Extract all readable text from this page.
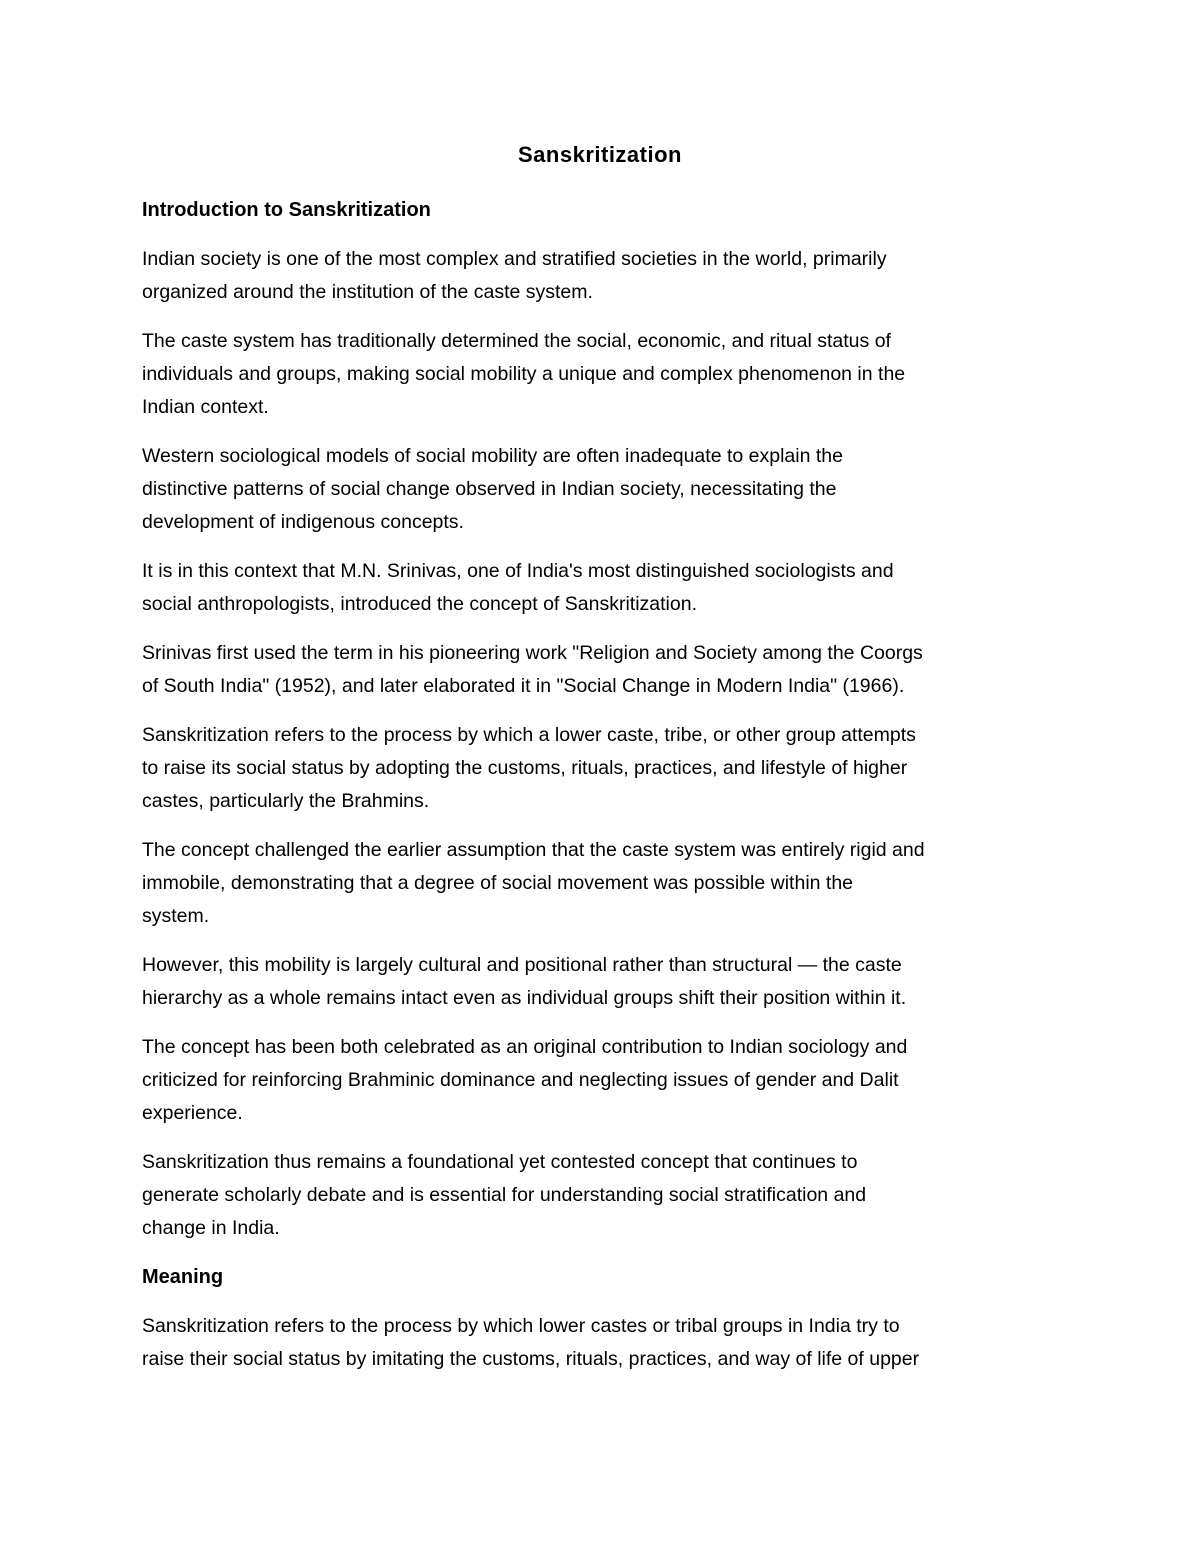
Sanskritization
Introduction to Sanskritization

Indian society is one of the most complex and stratified societies in the world, primarily
organized around the institution of the caste system.

The caste system has traditionally determined the social, economic, and ritual status of
individuals and groups, making social mobility a unique and complex phenomenon in the
Indian context.

Western sociological models of social mobility are often inadequate to explain the
distinctive patterns of social change observed in Indian society, necessitating the
development of indigenous concepts.

It is in this context that M.N. Srinivas, one of India's most distinguished sociologists and
social anthropologists, introduced the concept of Sanskritization.

Srinivas first used the term in his pioneering work "Religion and Society among the Coorgs
of South India" (1952), and later elaborated it in "Social Change in Modern India" (1966).

Sanskritization refers to the process by which a lower caste, tribe, or other group attempts
to raise its social status by adopting the customs, rituals, practices, and lifestyle of higher
castes, particularly the Brahmins.

The concept challenged the earlier assumption that the caste system was entirely rigid and
immobile, demonstrating that a degree of social movement was possible within the
system.

However, this mobility is largely cultural and positional rather than structural — the caste
hierarchy as a whole remains intact even as individual groups shift their position within it.

The concept has been both celebrated as an original contribution to Indian sociology and
criticized for reinforcing Brahminic dominance and neglecting issues of gender and Dalit
experience.

Sanskritization thus remains a foundational yet contested concept that continues to
generate scholarly debate and is essential for understanding social stratification and
change in India.

Meaning

Sanskritization refers to the process by which lower castes or tribal groups in India try to
raise their social status by imitating the customs, rituals, practices, and way of life of upper
